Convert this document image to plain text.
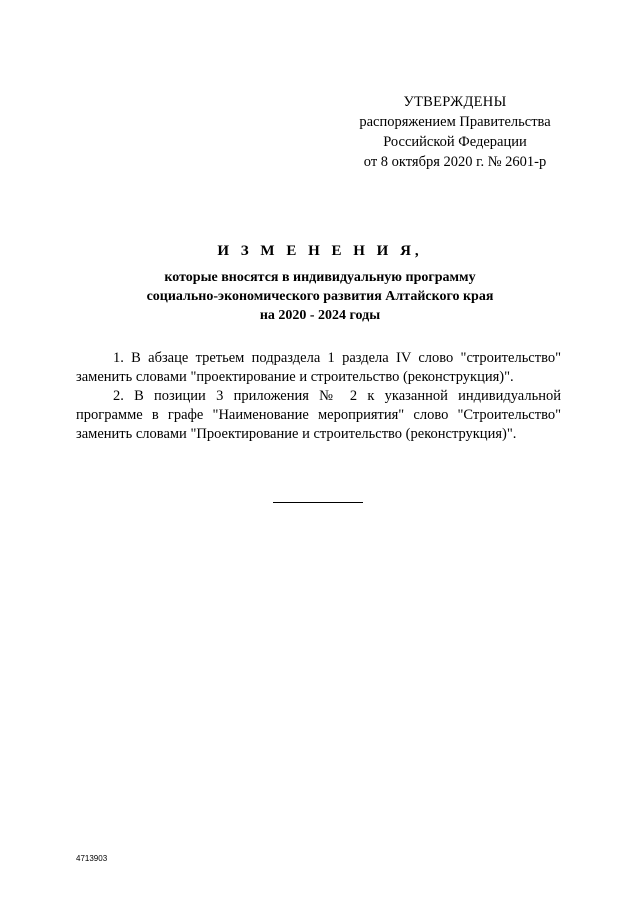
УТВЕРЖДЕНЫ
распоряжением Правительства
Российской Федерации
от 8 октября 2020 г. № 2601-р
И З М Е Н Е Н И Я,
которые вносятся в индивидуальную программу
социально-экономического развития Алтайского края
на 2020 - 2024 годы

1. В абзаце третьем подраздела 1 раздела IV слово "строительство" заменить словами "проектирование и строительство (реконструкция)".

2. В позиции 3 приложения № 2 к указанной индивидуальной программе в графе "Наименование мероприятия" слово "Строительство" заменить словами "Проектирование и строительство (реконструкция)".

4713903
